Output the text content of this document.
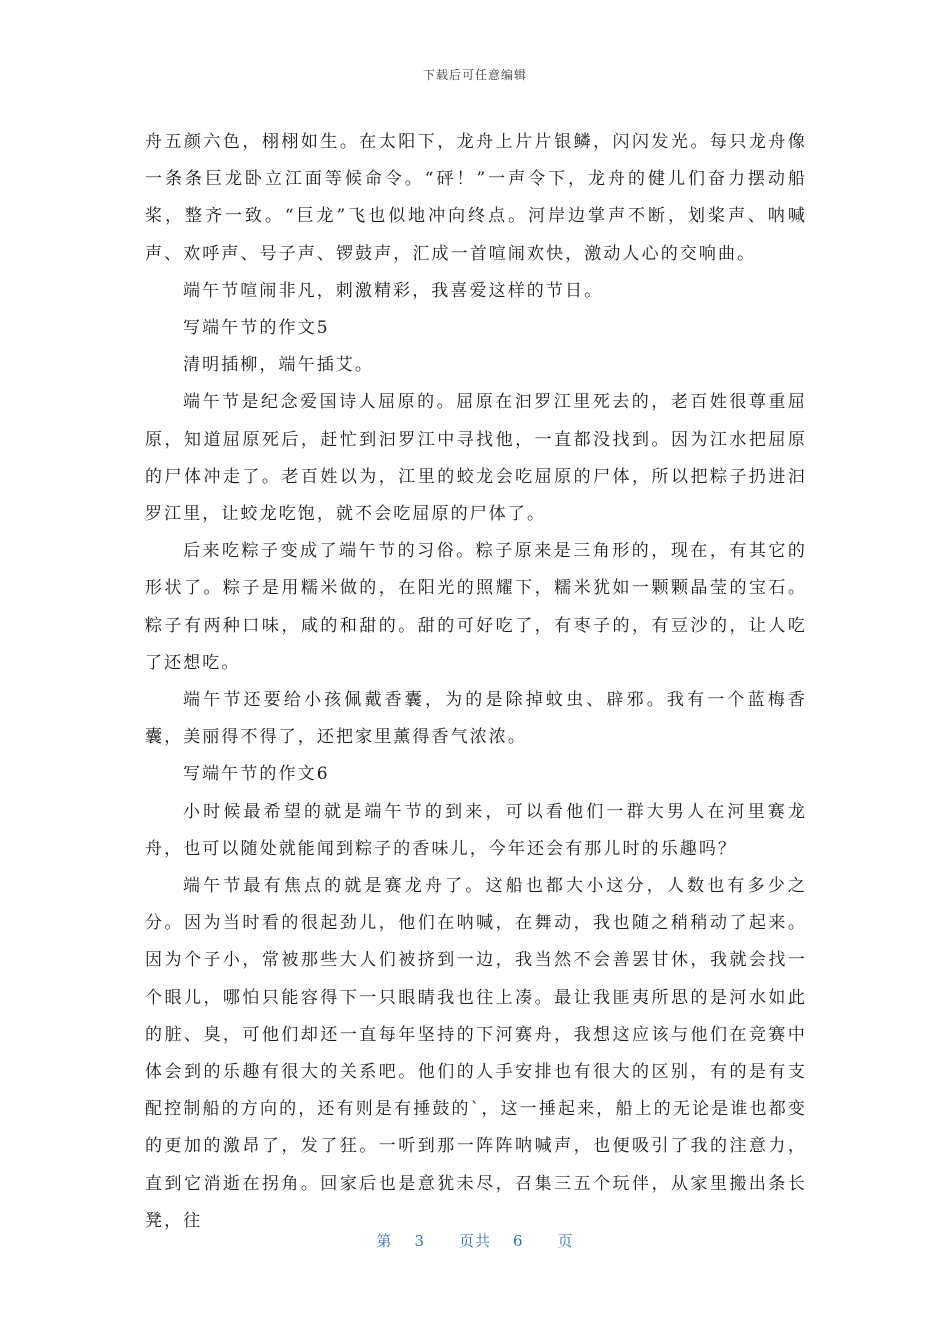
下载后可任意编辑

舟五颜六色，栩栩如生。在太阳下，龙舟上片片银鳞，闪闪发光。每只龙舟像一条条巨龙卧立江面等候命令。“砰！”一声令下，龙舟的健儿们奋力摆动船桨，整齐一致。“巨龙”飞也似地冲向终点。河岸边掌声不断，划桨声、呐喊声、欢呼声、号子声、锣鼓声，汇成一首喧闹欢快，激动人心的交响曲。

端午节喧闹非凡，刺激精彩，我喜爱这样的节日。

写端午节的作文5

清明插柳，端午插艾。

端午节是纪念爱国诗人屈原的。屈原在汩罗江里死去的，老百姓很尊重屈原，知道屈原死后，赶忙到汩罗江中寻找他，一直都没找到。因为江水把屈原的尸体冲走了。老百姓以为，江里的蛟龙会吃屈原的尸体，所以把粽子扔进汩罗江里，让蛟龙吃饱，就不会吃屈原的尸体了。

后来吃粽子变成了端午节的习俗。粽子原来是三角形的，现在，有其它的形状了。粽子是用糯米做的，在阳光的照耀下，糯米犹如一颗颗晶莹的宝石。粽子有两种口味，咸的和甜的。甜的可好吃了，有枣子的，有豆沙的，让人吃了还想吃。

端午节还要给小孩佩戴香囊，为的是除掉蚊虫、辟邪。我有一个蓝梅香囊，美丽得不得了，还把家里薰得香气浓浓。

写端午节的作文6

小时候最希望的就是端午节的到来，可以看他们一群大男人在河里赛龙舟，也可以随处就能闻到粽子的香味儿，今年还会有那儿时的乐趣吗？

端午节最有焦点的就是赛龙舟了。这船也都大小这分，人数也有多少之分。因为当时看的很起劲儿，他们在呐喊，在舞动，我也随之稍稍动了起来。因为个子小，常被那些大人们被挤到一边，我当然不会善罢甘休，我就会找一个眼儿，哪怕只能容得下一只眼睛我也往上凑。最让我匪夷所思的是河水如此的脏、臭，可他们却还一直每年坚持的下河赛舟，我想这应该与他们在竞赛中体会到的乐趣有很大的关系吧。他们的人手安排也有很大的区别，有的是有支配控制船的方向的，还有则是有捶鼓的`，这一捶起来，船上的无论是谁也都变的更加的激昂了，发了狂。一听到那一阵阵呐喊声，也便吸引了我的注意力，直到它消逝在拐角。回家后也是意犹未尽，召集三五个玩伴，从家里搬出条长凳，往

第 3 页共 6 页
